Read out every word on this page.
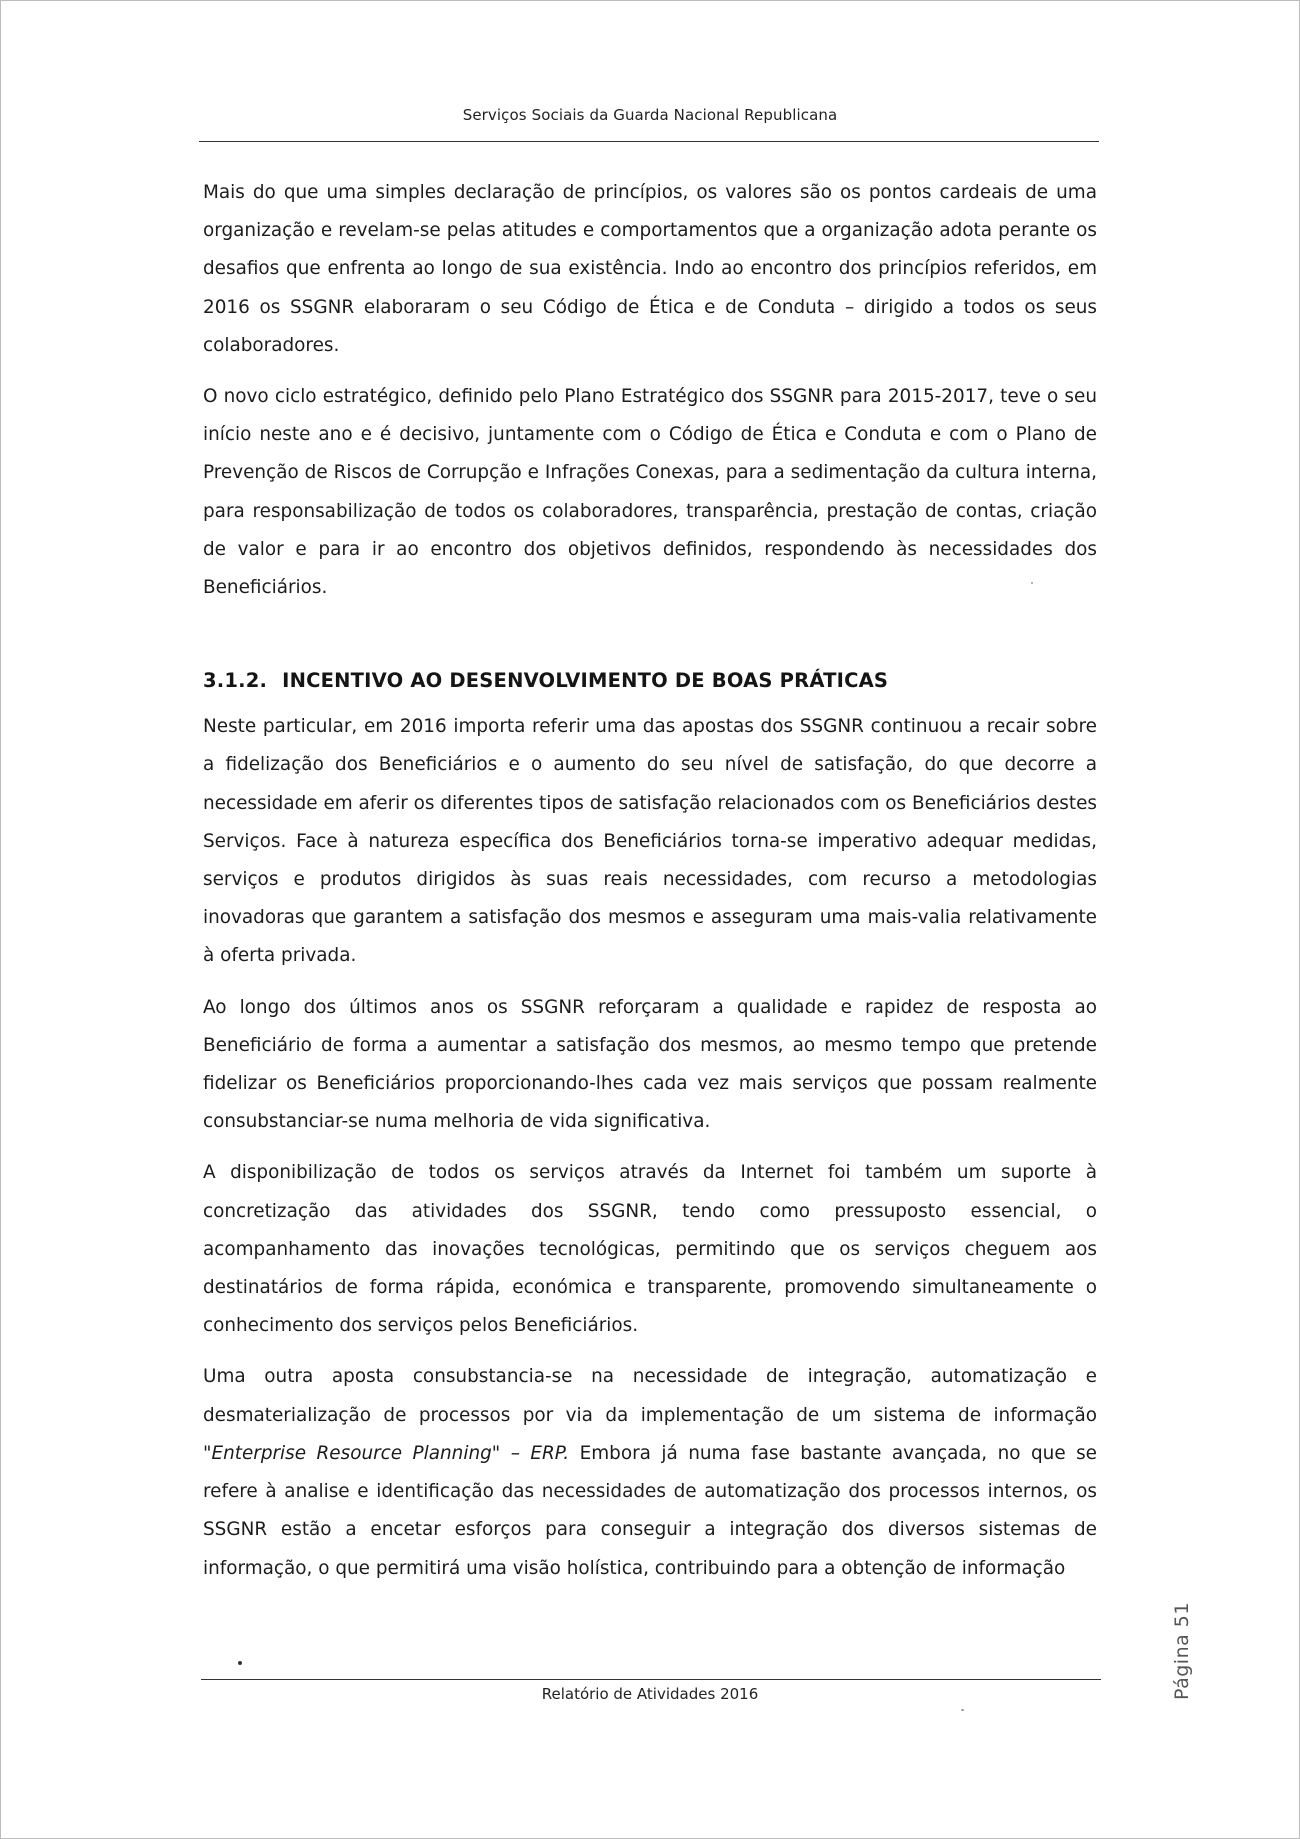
Serviços Sociais da Guarda Nacional Republicana

Mais do que uma simples declaração de princípios, os valores são os pontos cardeais de uma organização e revelam-se pelas atitudes e comportamentos que a organização adota perante os desafios que enfrenta ao longo de sua existência. Indo ao encontro dos princípios referidos, em 2016 os SSGNR elaboraram o seu Código de Ética e de Conduta – dirigido a todos os seus colaboradores.

O novo ciclo estratégico, definido pelo Plano Estratégico dos SSGNR para 2015-2017, teve o seu início neste ano e é decisivo, juntamente com o Código de Ética e Conduta e com o Plano de Prevenção de Riscos de Corrupção e Infrações Conexas, para a sedimentação da cultura interna, para responsabilização de todos os colaboradores, transparência, prestação de contas, criação de valor e para ir ao encontro dos objetivos definidos, respondendo às necessidades dos Beneficiários.

3.1.2. INCENTIVO AO DESENVOLVIMENTO DE BOAS PRÁTICAS

Neste particular, em 2016 importa referir uma das apostas dos SSGNR continuou a recair sobre a fidelização dos Beneficiários e o aumento do seu nível de satisfação, do que decorre a necessidade em aferir os diferentes tipos de satisfação relacionados com os Beneficiários destes Serviços. Face à natureza específica dos Beneficiários torna-se imperativo adequar medidas, serviços e produtos dirigidos às suas reais necessidades, com recurso a metodologias inovadoras que garantem a satisfação dos mesmos e asseguram uma mais-valia relativamente à oferta privada.

Ao longo dos últimos anos os SSGNR reforçaram a qualidade e rapidez de resposta ao Beneficiário de forma a aumentar a satisfação dos mesmos, ao mesmo tempo que pretende fidelizar os Beneficiários proporcionando-lhes cada vez mais serviços que possam realmente consubstanciar-se numa melhoria de vida significativa.

A disponibilização de todos os serviços através da Internet foi também um suporte à concretização das atividades dos SSGNR, tendo como pressuposto essencial, o acompanhamento das inovações tecnológicas, permitindo que os serviços cheguem aos destinatários de forma rápida, económica e transparente, promovendo simultaneamente o conhecimento dos serviços pelos Beneficiários.

Uma outra aposta consubstancia-se na necessidade de integração, automatização e desmaterialização de processos por via da implementação de um sistema de informação "Enterprise Resource Planning" – ERP. Embora já numa fase bastante avançada, no que se refere à analise e identificação das necessidades de automatização dos processos internos, os SSGNR estão a encetar esforços para conseguir a integração dos diversos sistemas de informação, o que permitirá uma visão holística, contribuindo para a obtenção de informação

Página 51
Relatório de Atividades 2016
